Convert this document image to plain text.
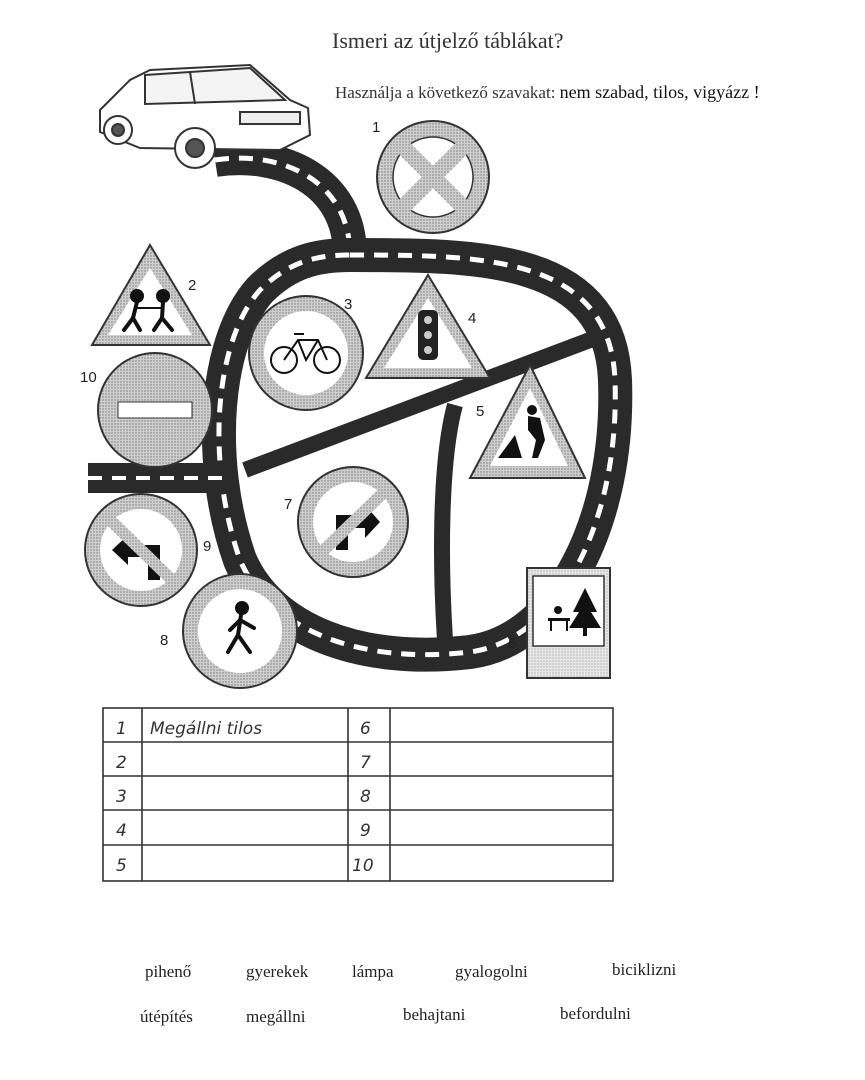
Ismeri az útjelző táblákat?
Használja a következő szavakat: nem szabad, tilos, vigyázz !
1
2
3
4
5
6
7
8
9
10
1 Megállni tilos	6
2	7
3	8
4	9
5	10
pihenő	gyerekek	lámpa	gyalogolni	biciklizni
útépítés	megállni	behajtani	befordulni
